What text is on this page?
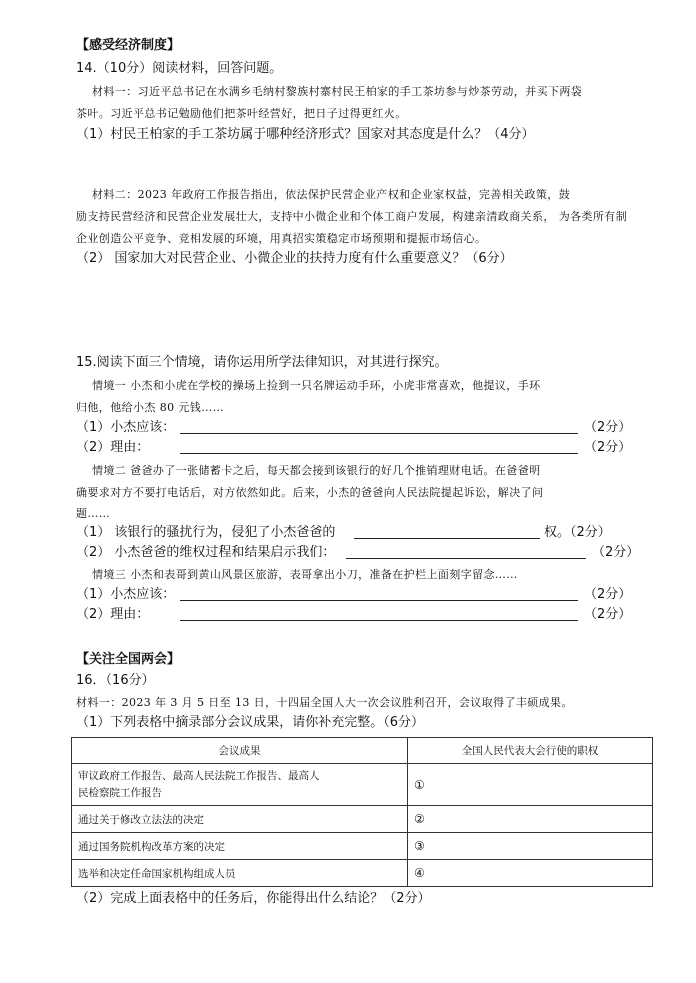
【感受经济制度】
14.（10分）阅读材料，回答问题。
材料一：习近平总书记在水满乡毛纳村黎族村寨村民王柏家的手工茶坊参与炒茶劳动，并买下两袋
茶叶。习近平总书记勉励他们把茶叶经营好，把日子过得更红火。
（1）村民王柏家的手工茶坊属于哪种经济形式？国家对其态度是什么？（4分）
材料二：2023 年政府工作报告指出，依法保护民营企业产权和企业家权益，完善相关政策，鼓
励支持民营经济和民营企业发展壮大，支持中小微企业和个体工商户发展，构建亲清政商关系， 为各类所有制
企业创造公平竞争、竞相发展的环境，用真招实策稳定市场预期和提振市场信心。
（2） 国家加大对民营企业、小微企业的扶持力度有什么重要意义？（6分）
15.阅读下面三个情境，请你运用所学法律知识，对其进行探究。
情境一 小杰和小虎在学校的操场上捡到一只名牌运动手环，小虎非常喜欢，他提议，手环
归他，他给小杰 80 元钱……
（1）小杰应该：	（2分）
（2）理由：	（2分）
情境二 爸爸办了一张储蓄卡之后，每天都会接到该银行的好几个推销理财电话。在爸爸明
确要求对方不要打电话后，对方依然如此。后来，小杰的爸爸向人民法院提起诉讼，解决了问
题……
（1） 该银行的骚扰行为，侵犯了小杰爸爸的	权。（2分）
（2） 小杰爸爸的维权过程和结果启示我们：	（2分）
情境三 小杰和表哥到黄山风景区旅游，表哥拿出小刀，准备在护栏上面刻字留念……
（1）小杰应该：	（2分）
（2）理由：	（2分）
【关注全国两会】
16．（16分）
材料一：2023 年 3 月 5 日至 13 日，十四届全国人大一次会议胜利召开，会议取得了丰硕成果。
（1）下列表格中摘录部分会议成果，请你补充完整。（6分）
会议成果	全国人民代表大会行使的职权

审议政府工作报告、最高人民法院工作报告、最高人
民检察院工作报告	①
通过关于修改立法法的决定	②
通过国务院机构改革方案的决定	③
选举和决定任命国家机构组成人员	④
（2）完成上面表格中的任务后，你能得出什么结论？（2分）
